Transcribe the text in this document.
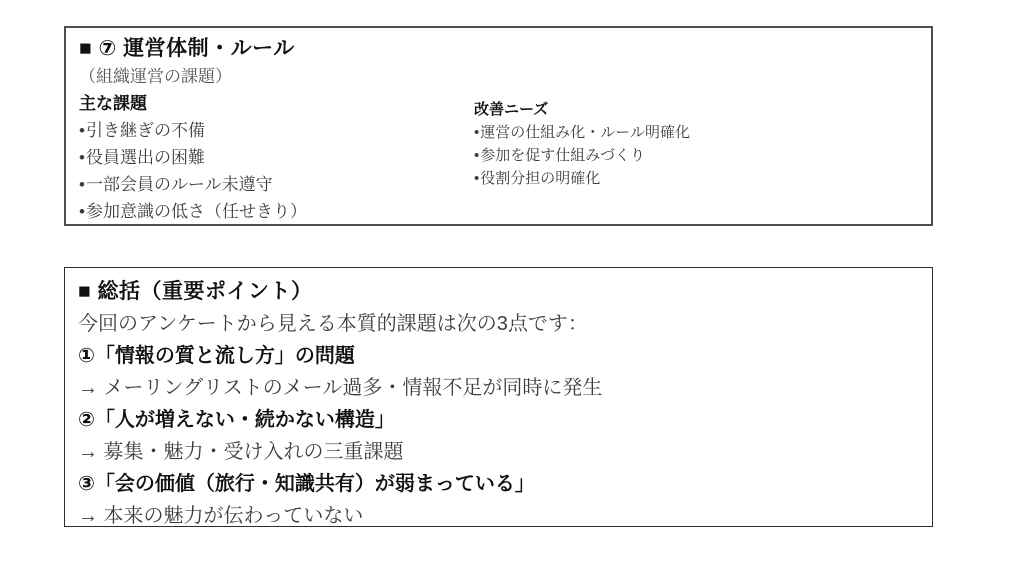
■ ⑦ 運営体制・ルール
（組織運営の課題）
主な課題
• 引き継ぎの不備
• 役員選出の困難
• 一部会員のルール未遵守
• 参加意識の低さ（任せきり）
改善ニーズ
• 運営の仕組み化・ルール明確化
• 参加を促す仕組みづくり
• 役割分担の明確化
■ 総括（重要ポイント）

今回のアンケートから見える本質的課題は次の3点です：

①「情報の質と流し方」の問題
→ メーリングリストのメール過多・情報不足が同時に発生
②「人が増えない・続かない構造」
→ 募集・魅力・受け入れの三重課題
③「会の価値（旅行・知識共有）が弱まっている」
→ 本来の魅力が伝わっていない
